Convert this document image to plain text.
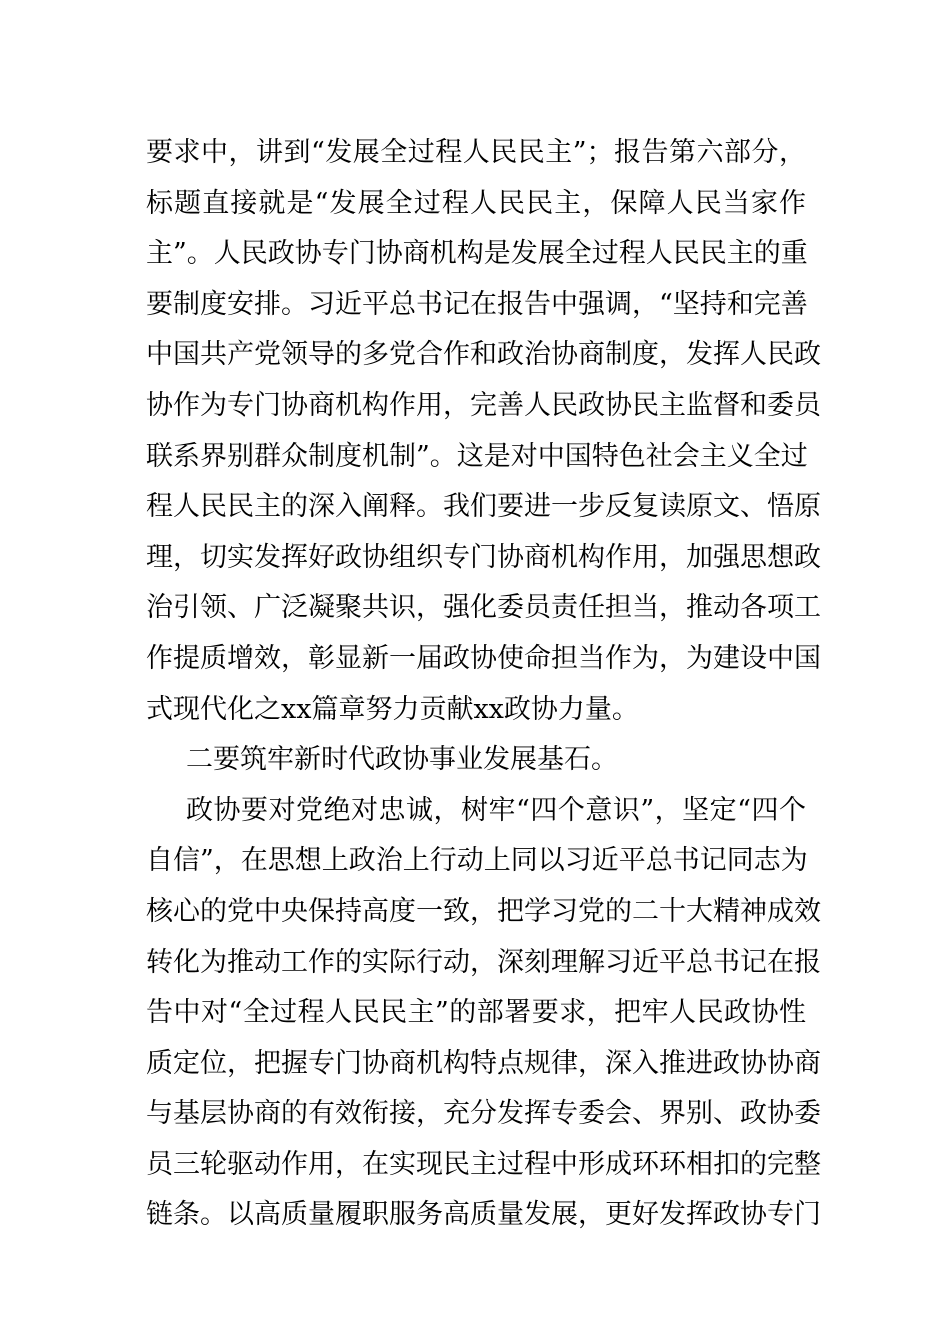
要求中，讲到“发展全过程人民民主”；报告第六部分，
标题直接就是“发展全过程人民民主，保障人民当家作
主”。人民政协专门协商机构是发展全过程人民民主的重
要制度安排。习近平总书记在报告中强调，“坚持和完善
中国共产党领导的多党合作和政治协商制度，发挥人民政
协作为专门协商机构作用，完善人民政协民主监督和委员
联系界别群众制度机制”。这是对中国特色社会主义全过
程人民民主的深入阐释。我们要进一步反复读原文、悟原
理，切实发挥好政协组织专门协商机构作用，加强思想政
治引领、广泛凝聚共识，强化委员责任担当，推动各项工
作提质增效，彰显新一届政协使命担当作为，为建设中国
式现代化之xx篇章努力贡献xx政协力量。
二要筑牢新时代政协事业发展基石。
政协要对党绝对忠诚，树牢“四个意识”，坚定“四个
自信”，在思想上政治上行动上同以习近平总书记同志为
核心的党中央保持高度一致，把学习党的二十大精神成效
转化为推动工作的实际行动，深刻理解习近平总书记在报
告中对“全过程人民民主”的部署要求，把牢人民政协性
质定位，把握专门协商机构特点规律，深入推进政协协商
与基层协商的有效衔接，充分发挥专委会、界别、政协委
员三轮驱动作用，在实现民主过程中形成环环相扣的完整
链条。以高质量履职服务高质量发展，更好发挥政协专门
